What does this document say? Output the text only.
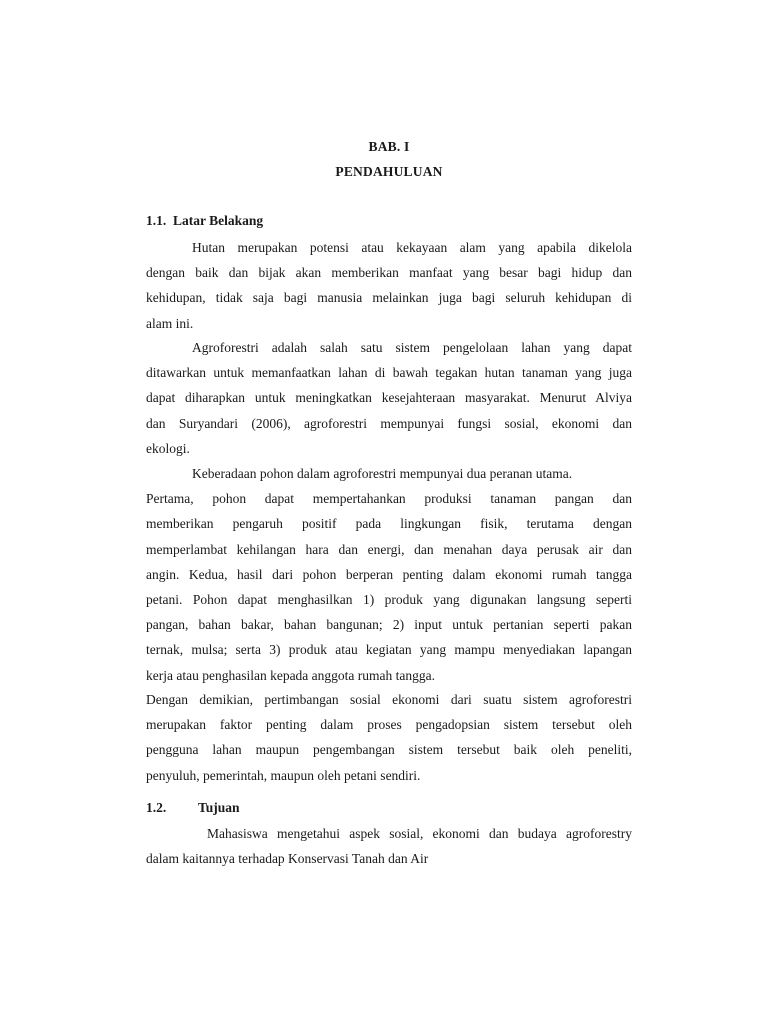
BAB. I
PENDAHULUAN
1.1. Latar Belakang
Hutan merupakan potensi atau kekayaan alam yang apabila dikelola
dengan baik dan bijak akan memberikan manfaat yang besar bagi hidup dan
kehidupan, tidak saja bagi manusia melainkan juga bagi seluruh kehidupan di
alam ini.
Agroforestri adalah salah satu sistem pengelolaan lahan yang dapat
ditawarkan untuk memanfaatkan lahan di bawah tegakan hutan tanaman yang juga
dapat diharapkan untuk meningkatkan kesejahteraan masyarakat. Menurut Alviya
dan Suryandari (2006), agroforestri mempunyai fungsi sosial, ekonomi dan
ekologi.
Keberadaan pohon dalam agroforestri mempunyai dua peranan utama.
Pertama, pohon dapat mempertahankan produksi tanaman pangan dan
memberikan pengaruh positif pada lingkungan fisik, terutama dengan
memperlambat kehilangan hara dan energi, dan menahan daya perusak air dan
angin. Kedua, hasil dari pohon berperan penting dalam ekonomi rumah tangga
petani. Pohon dapat menghasilkan 1) produk yang digunakan langsung seperti
pangan, bahan bakar, bahan bangunan; 2) input untuk pertanian seperti pakan
ternak, mulsa; serta 3) produk atau kegiatan yang mampu menyediakan lapangan
kerja atau penghasilan kepada anggota rumah tangga.
Dengan demikian, pertimbangan sosial ekonomi dari suatu sistem agroforestri
merupakan faktor penting dalam proses pengadopsian sistem tersebut oleh
pengguna lahan maupun pengembangan sistem tersebut baik oleh peneliti,
penyuluh, pemerintah, maupun oleh petani sendiri.
1.2. Tujuan
Mahasiswa mengetahui aspek sosial, ekonomi dan budaya agroforestry
dalam kaitannya terhadap Konservasi Tanah dan Air
